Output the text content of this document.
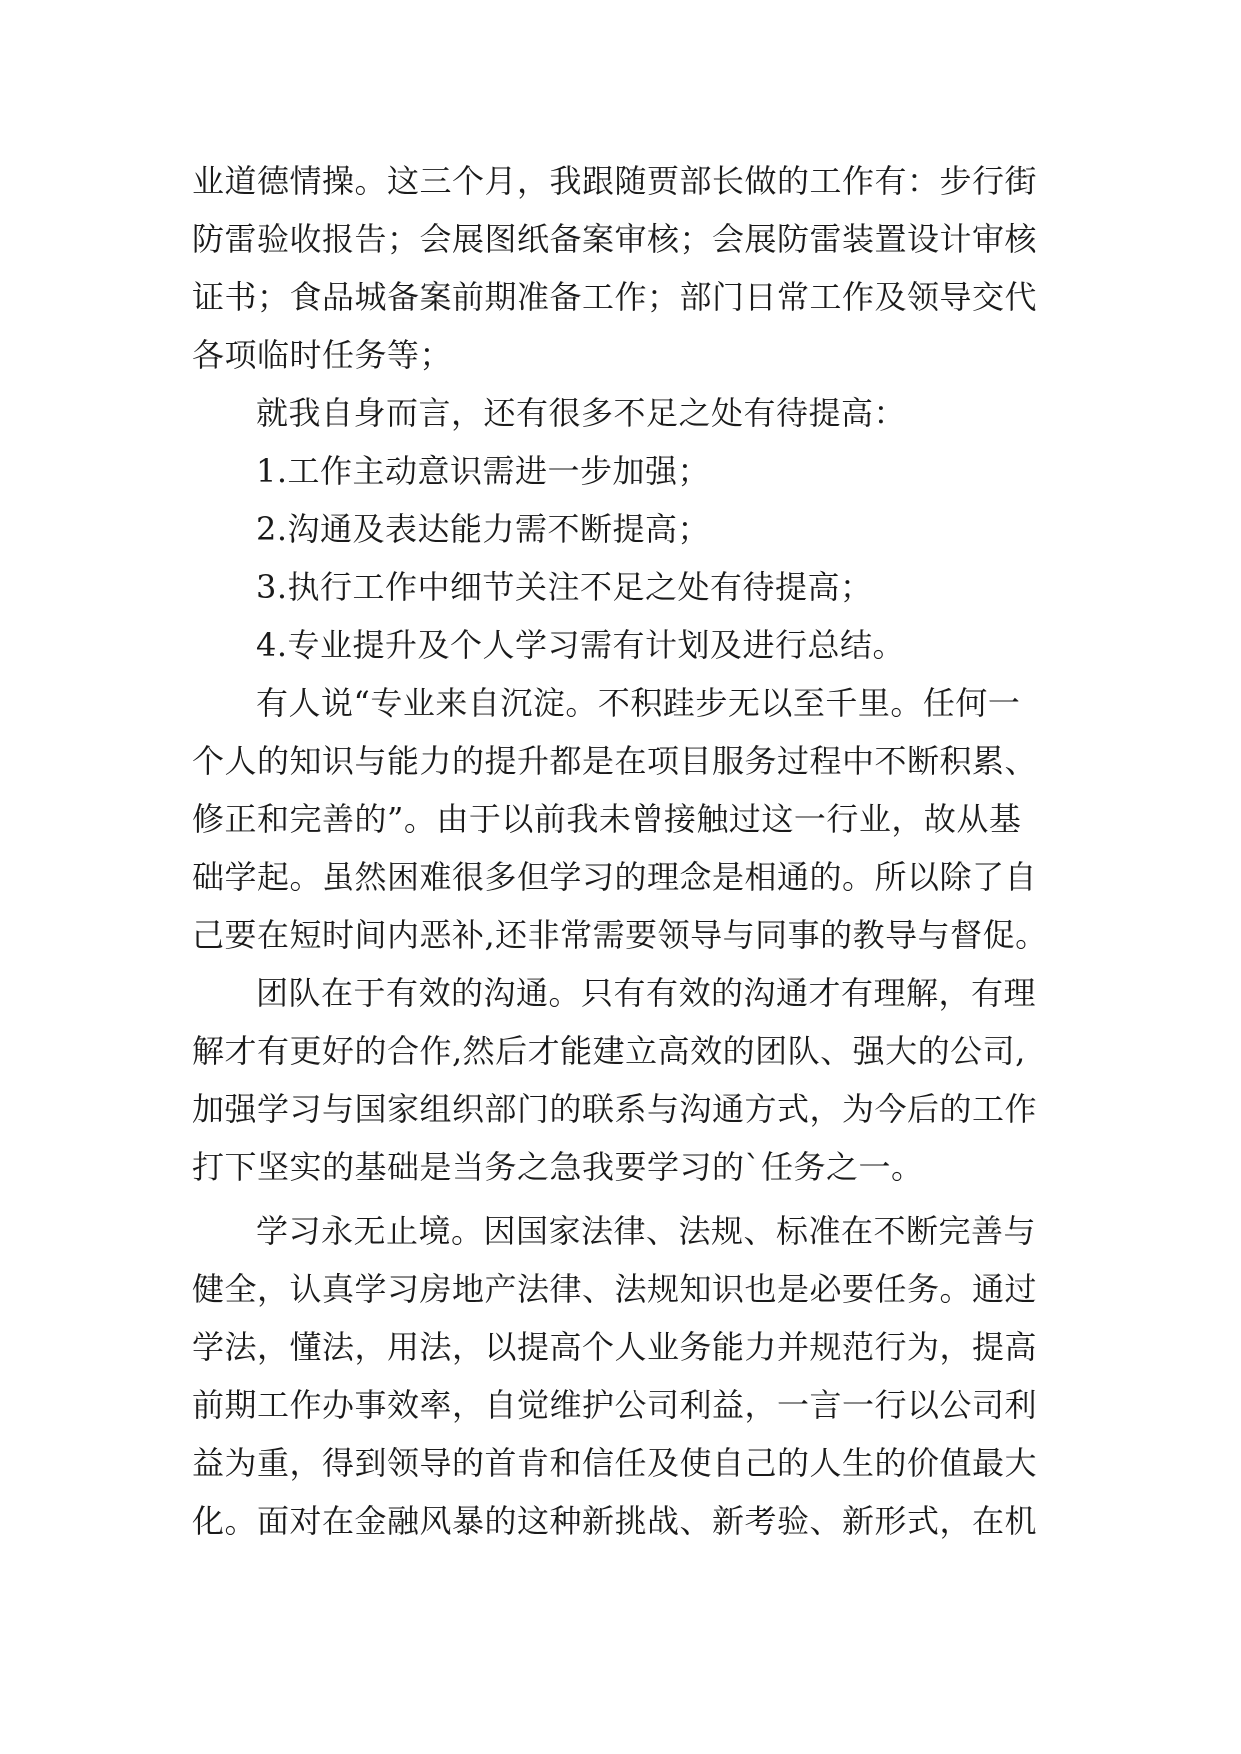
业道德情操。这三个月，我跟随贾部长做的工作有：步行街
防雷验收报告；会展图纸备案审核；会展防雷装置设计审核
证书；食品城备案前期准备工作；部门日常工作及领导交代
各项临时任务等；
就我自身而言，还有很多不足之处有待提高：
1.工作主动意识需进一步加强；
2.沟通及表达能力需不断提高；
3.执行工作中细节关注不足之处有待提高；
4.专业提升及个人学习需有计划及进行总结。
有人说“专业来自沉淀。不积跬步无以至千里。任何一
个人的知识与能力的提升都是在项目服务过程中不断积累、
修正和完善的”。由于以前我未曾接触过这一行业，故从基
础学起。虽然困难很多但学习的理念是相通的。所以除了自
己要在短时间内恶补,还非常需要领导与同事的教导与督促。
团队在于有效的沟通。只有有效的沟通才有理解，有理
解才有更好的合作,然后才能建立高效的团队、强大的公司,
加强学习与国家组织部门的联系与沟通方式，为今后的工作
打下坚实的基础是当务之急我要学习的`任务之一。
学习永无止境。因国家法律、法规、标准在不断完善与
健全，认真学习房地产法律、法规知识也是必要任务。通过
学法，懂法，用法，以提高个人业务能力并规范行为，提高
前期工作办事效率，自觉维护公司利益，一言一行以公司利
益为重，得到领导的首肯和信任及使自己的人生的价值最大
化。面对在金融风暴的这种新挑战、新考验、新形式，在机
